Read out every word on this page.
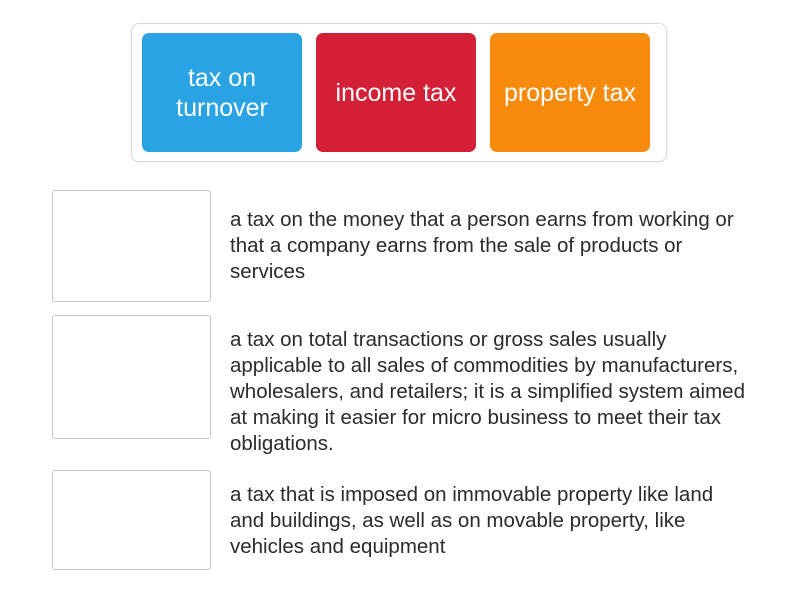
tax on turnover
income tax property tax
a tax on the money that a person earns from working or that a company earns from the sale of products or services
a tax on total transactions or gross sales usually applicable to all sales of commodities by manufacturers, wholesalers, and retailers; it is a simplified system aimed at making it easier for micro business to meet their tax obligations.
a tax that is imposed on immovable property like land and buildings, as well as on movable property, like vehicles and equipment
